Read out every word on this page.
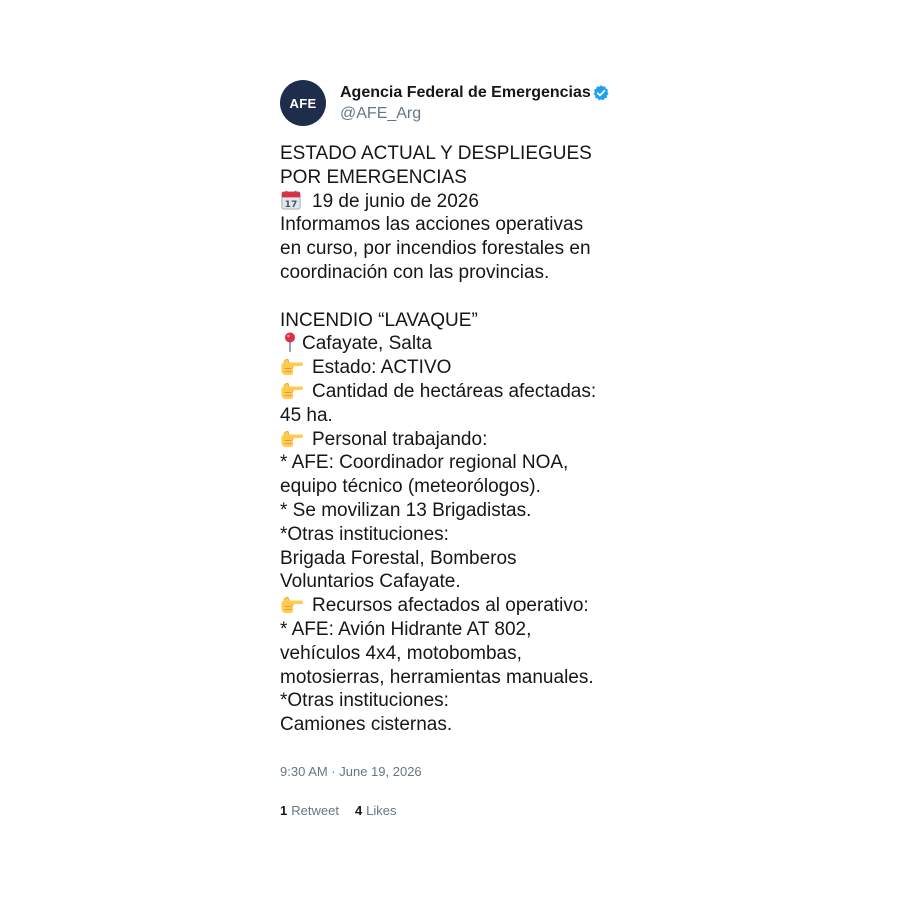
AFE
Agencia Federal de Emergencias
@AFE_Arg
ESTADO ACTUAL Y DESPLIEGUES
POR EMERGENCIAS
17 19 de junio de 2026
Informamos las acciones operativas
en curso, por incendios forestales en
coordinación con las provincias.
INCENDIO “LAVAQUE”
Cafayate, Salta
Estado: ACTIVO
Cantidad de hectáreas afectadas:
45 ha.
Personal trabajando:
* AFE: Coordinador regional NOA,
equipo técnico (meteorólogos).
* Se movilizan 13 Brigadistas.
*Otras instituciones:
Brigada Forestal, Bomberos
Voluntarios Cafayate.
Recursos afectados al operativo:
* AFE: Avión Hidrante AT 802,
vehículos 4x4, motobombas,
motosierras, herramientas manuales.
*Otras instituciones:
Camiones cisternas.
9:30 AM · June 19, 2026
1 Retweet 4 Likes
